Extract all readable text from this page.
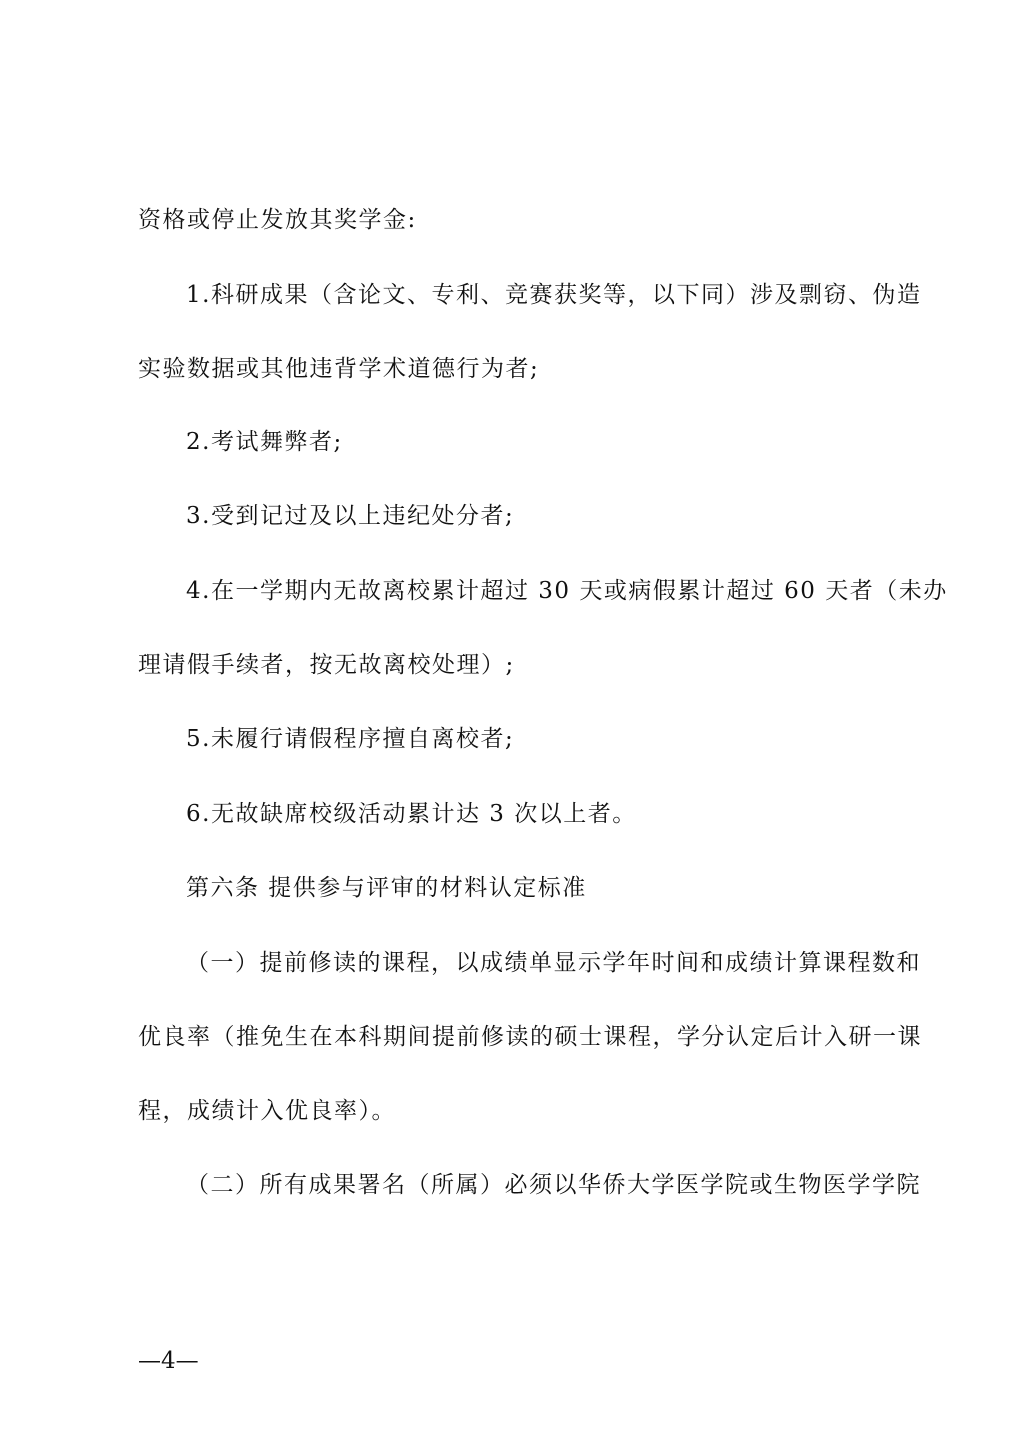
资格或停止发放其奖学金:
1.科研成果（含论文、专利、竞赛获奖等，以下同）涉及剽窃、伪造
实验数据或其他违背学术道德行为者;
2.考试舞弊者;
3.受到记过及以上违纪处分者;
4.在一学期内无故离校累计超过 30 天或病假累计超过 60 天者（未办
理请假手续者，按无故离校处理）;
5.未履行请假程序擅自离校者;
6.无故缺席校级活动累计达 3 次以上者。
第六条 提供参与评审的材料认定标准
（一）提前修读的课程，以成绩单显示学年时间和成绩计算课程数和
优良率（推免生在本科期间提前修读的硕士课程，学分认定后计入研一课
程，成绩计入优良率）。
（二）所有成果署名（所属）必须以华侨大学医学院或生物医学学院
—4—
